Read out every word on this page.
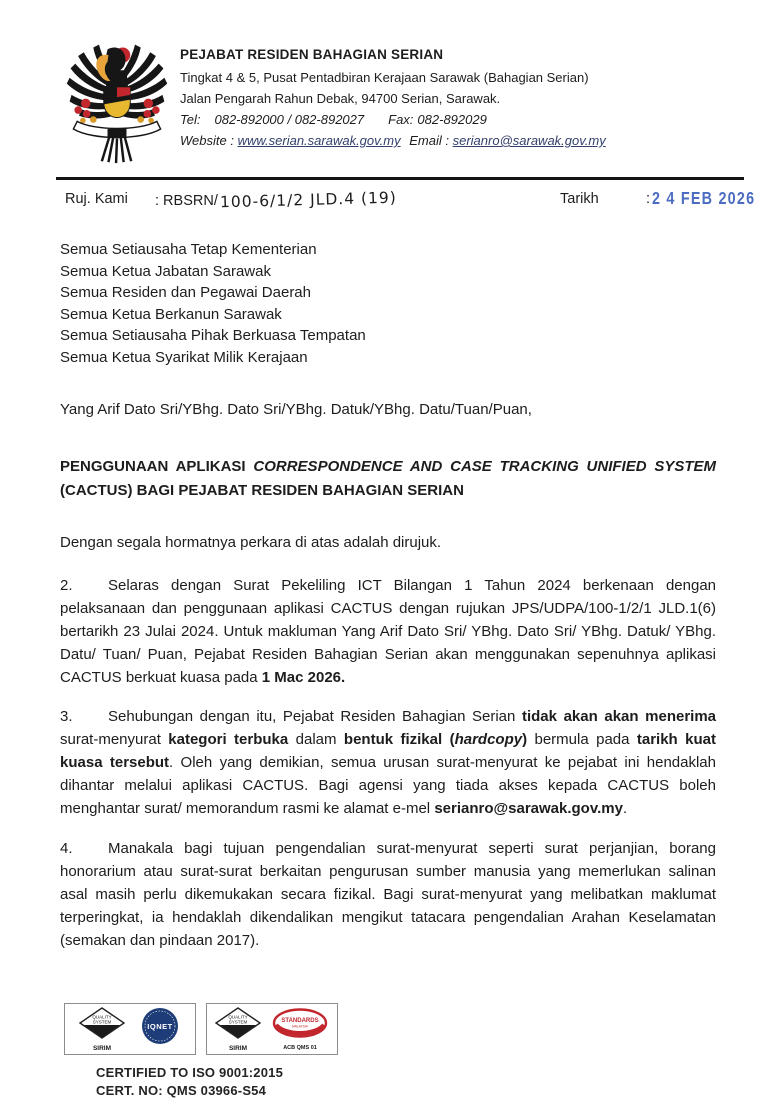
PEJABAT RESIDEN BAHAGIAN SERIAN
Tingkat 4 & 5, Pusat Pentadbiran Kerajaan Sarawak (Bahagian Serian)
Jalan Pengarah Rahun Debak, 94700 Serian, Sarawak.
Tel: 082-892000 / 082-892027 Fax: 082-892029
Website : www.serian.sarawak.gov.my Email : serianro@sarawak.gov.my
Ruj. Kami : RBSRN/ 100-6/1/2 JLD.4 (19)	Tarikh	: 2 4 FEB 2026
Semua Setiausaha Tetap Kementerian
Semua Ketua Jabatan Sarawak
Semua Residen dan Pegawai Daerah
Semua Ketua Berkanun Sarawak
Semua Setiausaha Pihak Berkuasa Tempatan
Semua Ketua Syarikat Milik Kerajaan
Yang Arif Dato Sri/YBhg. Dato Sri/YBhg. Datuk/YBhg. Datu/Tuan/Puan,
PENGGUNAAN APLIKASI CORRESPONDENCE AND CASE TRACKING UNIFIED SYSTEM (CACTUS) BAGI PEJABAT RESIDEN BAHAGIAN SERIAN

Dengan segala hormatnya perkara di atas adalah dirujuk.

2. Selaras dengan Surat Pekeliling ICT Bilangan 1 Tahun 2024 berkenaan dengan pelaksanaan dan penggunaan aplikasi CACTUS dengan rujukan JPS/UDPA/100-1/2/1 JLD.1(6) bertarikh 23 Julai 2024. Untuk makluman Yang Arif Dato Sri/ YBhg. Dato Sri/ YBhg. Datuk/ YBhg. Datu/ Tuan/ Puan, Pejabat Residen Bahagian Serian akan menggunakan sepenuhnya aplikasi CACTUS berkuat kuasa pada 1 Mac 2026.

3. Sehubungan dengan itu, Pejabat Residen Bahagian Serian tidak akan akan menerima surat-menyurat kategori terbuka dalam bentuk fizikal (hardcopy) bermula pada tarikh kuat kuasa tersebut. Oleh yang demikian, semua urusan surat-menyurat ke pejabat ini hendaklah dihantar melalui aplikasi CACTUS. Bagi agensi yang tiada akses kepada CACTUS boleh menghantar surat/ memorandum rasmi ke alamat e-mel serianro@sarawak.gov.my.

4. Manakala bagi tujuan pengendalian surat-menyurat seperti surat perjanjian, borang honorarium atau surat-surat berkaitan pengurusan sumber manusia yang memerlukan salinan asal masih perlu dikemukakan secara fizikal. Bagi surat-menyurat yang melibatkan maklumat terperingkat, ia hendaklah dikendalikan mengikut tatacara pengendalian Arahan Keselamatan (semakan dan pindaan 2017).

QUALITY
SYSTEM
SIRIM
IQNET
QUALITY
SYSTEM
SIRIM
STANDARDS
MALAYSIA
ACB QMS 01
CERTIFIED TO ISO 9001:2015
CERT. NO: QMS 03966-S54
